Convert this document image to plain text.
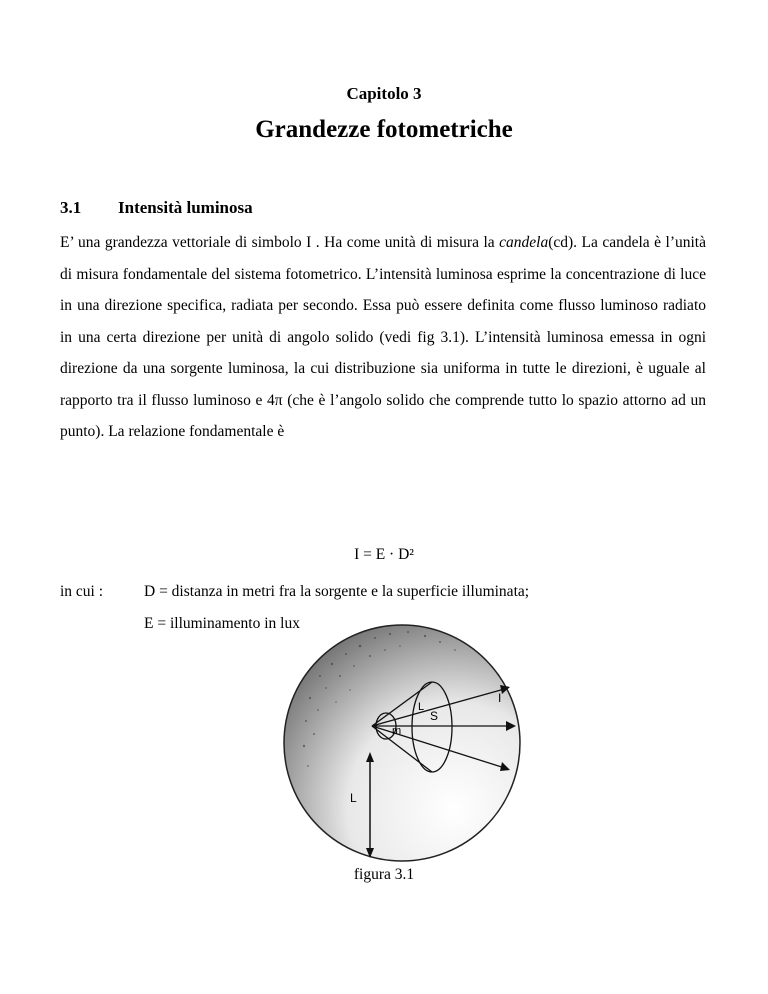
Capitolo 3
Grandezze fotometriche
3.1 Intensità luminosa

E’ una grandezza vettoriale di simbolo I . Ha come unità di misura la candela(cd). La candela è l’unità di misura fondamentale del sistema fotometrico. L’intensità luminosa esprime la concentrazione di luce in una direzione specifica, radiata per secondo. Essa può essere definita come flusso luminoso radiato in una certa direzione per unità di angolo solido (vedi fig 3.1). L’intensità luminosa emessa in ogni direzione da una sorgente luminosa, la cui distribuzione sia uniforma in tutte le direzioni, è uguale al rapporto tra il flusso luminoso e 4π (che è l’angolo solido che comprende tutto lo spazio attorno ad un punto). La relazione fondamentale è

I = E · D²
in cui :	D = distanza in metri fra la sorgente e la superficie illuminata;
E = illuminamento in lux
I
L
S
m
L
figura 3.1
